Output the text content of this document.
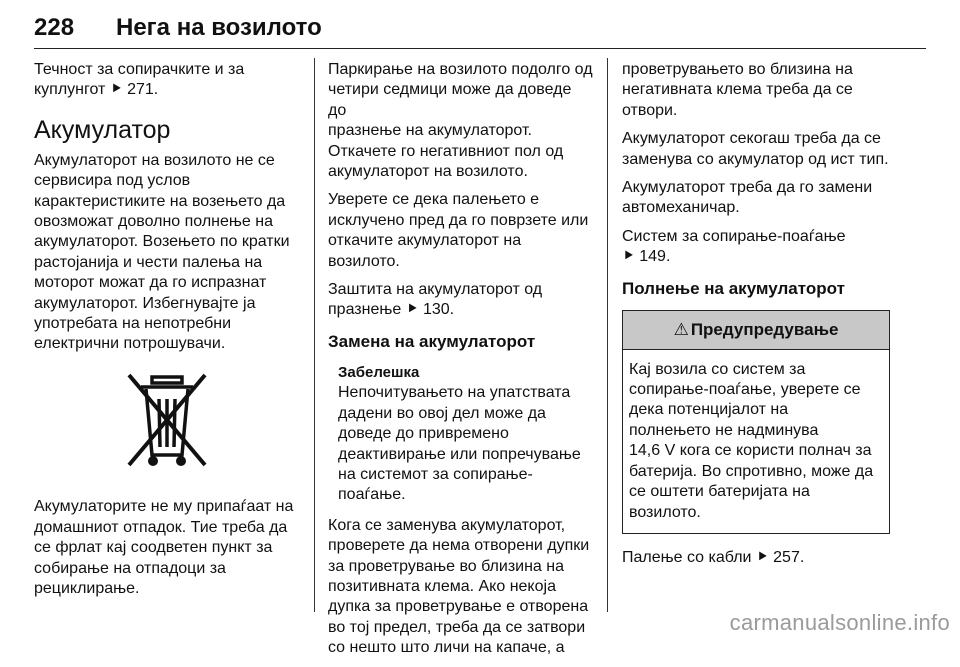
228 Нега на возилото

Течност за сопирачките и за
куплунгот ⯈ 271.

Акумулатор

Акумулаторот на возилото не се
сервисира под услов
карактеристиките на возењето да
овозможат доволно полнење на
акумулаторот. Возењето по кратки
растојанија и чести палења на
моторот можат да го испразнат
акумулаторот. Избегнувајте ја
употребата на непотребни
електрични потрошувачи.

Акумулаторите не му припаѓаат на
домашниот отпадок. Тие треба да
се фрлат кај соодветен пункт за
собирање на отпадоци за
рециклирање.

Паркирање на возилото подолго од
четири седмици може да доведе до
празнење на акумулаторот.
Откачете го негативниот пол од
акумулаторот на возилото.

Уверете се дека палењето е
исклучено пред да го поврзете или
откачите акумулаторот на
возилото.

Заштита на акумулаторот од
празнење ⯈ 130.

Замена на акумулаторот
Забелешка

Непочитувањето на упатствата
дадени во овој дел може да
доведе до привремено
деактивирање или попречување
на системот за сопирање-
поаѓање.

Кога се заменува акумулаторот,
проверете да нема отворени дупки
за проветрување во близина на
позитивната клема. Ако некоја
дупка за проветрување е отворена
во тој предел, треба да се затвори
со нешто што личи на капаче, а

проветрувањето во близина на
негативната клема треба да се
отвори.

Акумулаторот секогаш треба да се
заменува со акумулатор од ист тип.

Акумулаторот треба да го замени
автомеханичар.

Систем за сопирање-поаѓање
⯈ 149.

Полнење на акумулаторот
⚠ Предупредување

Кај возила со систем за
сопирање-поаѓање, уверете се
дека потенцијалот на
полнењето не надминува
14,6 V кога се користи полнач за
батерија. Во спротивно, може да
се оштети батеријата на
возилото.

Палење со кабли ⯈ 257.

carmanualsonline.info
